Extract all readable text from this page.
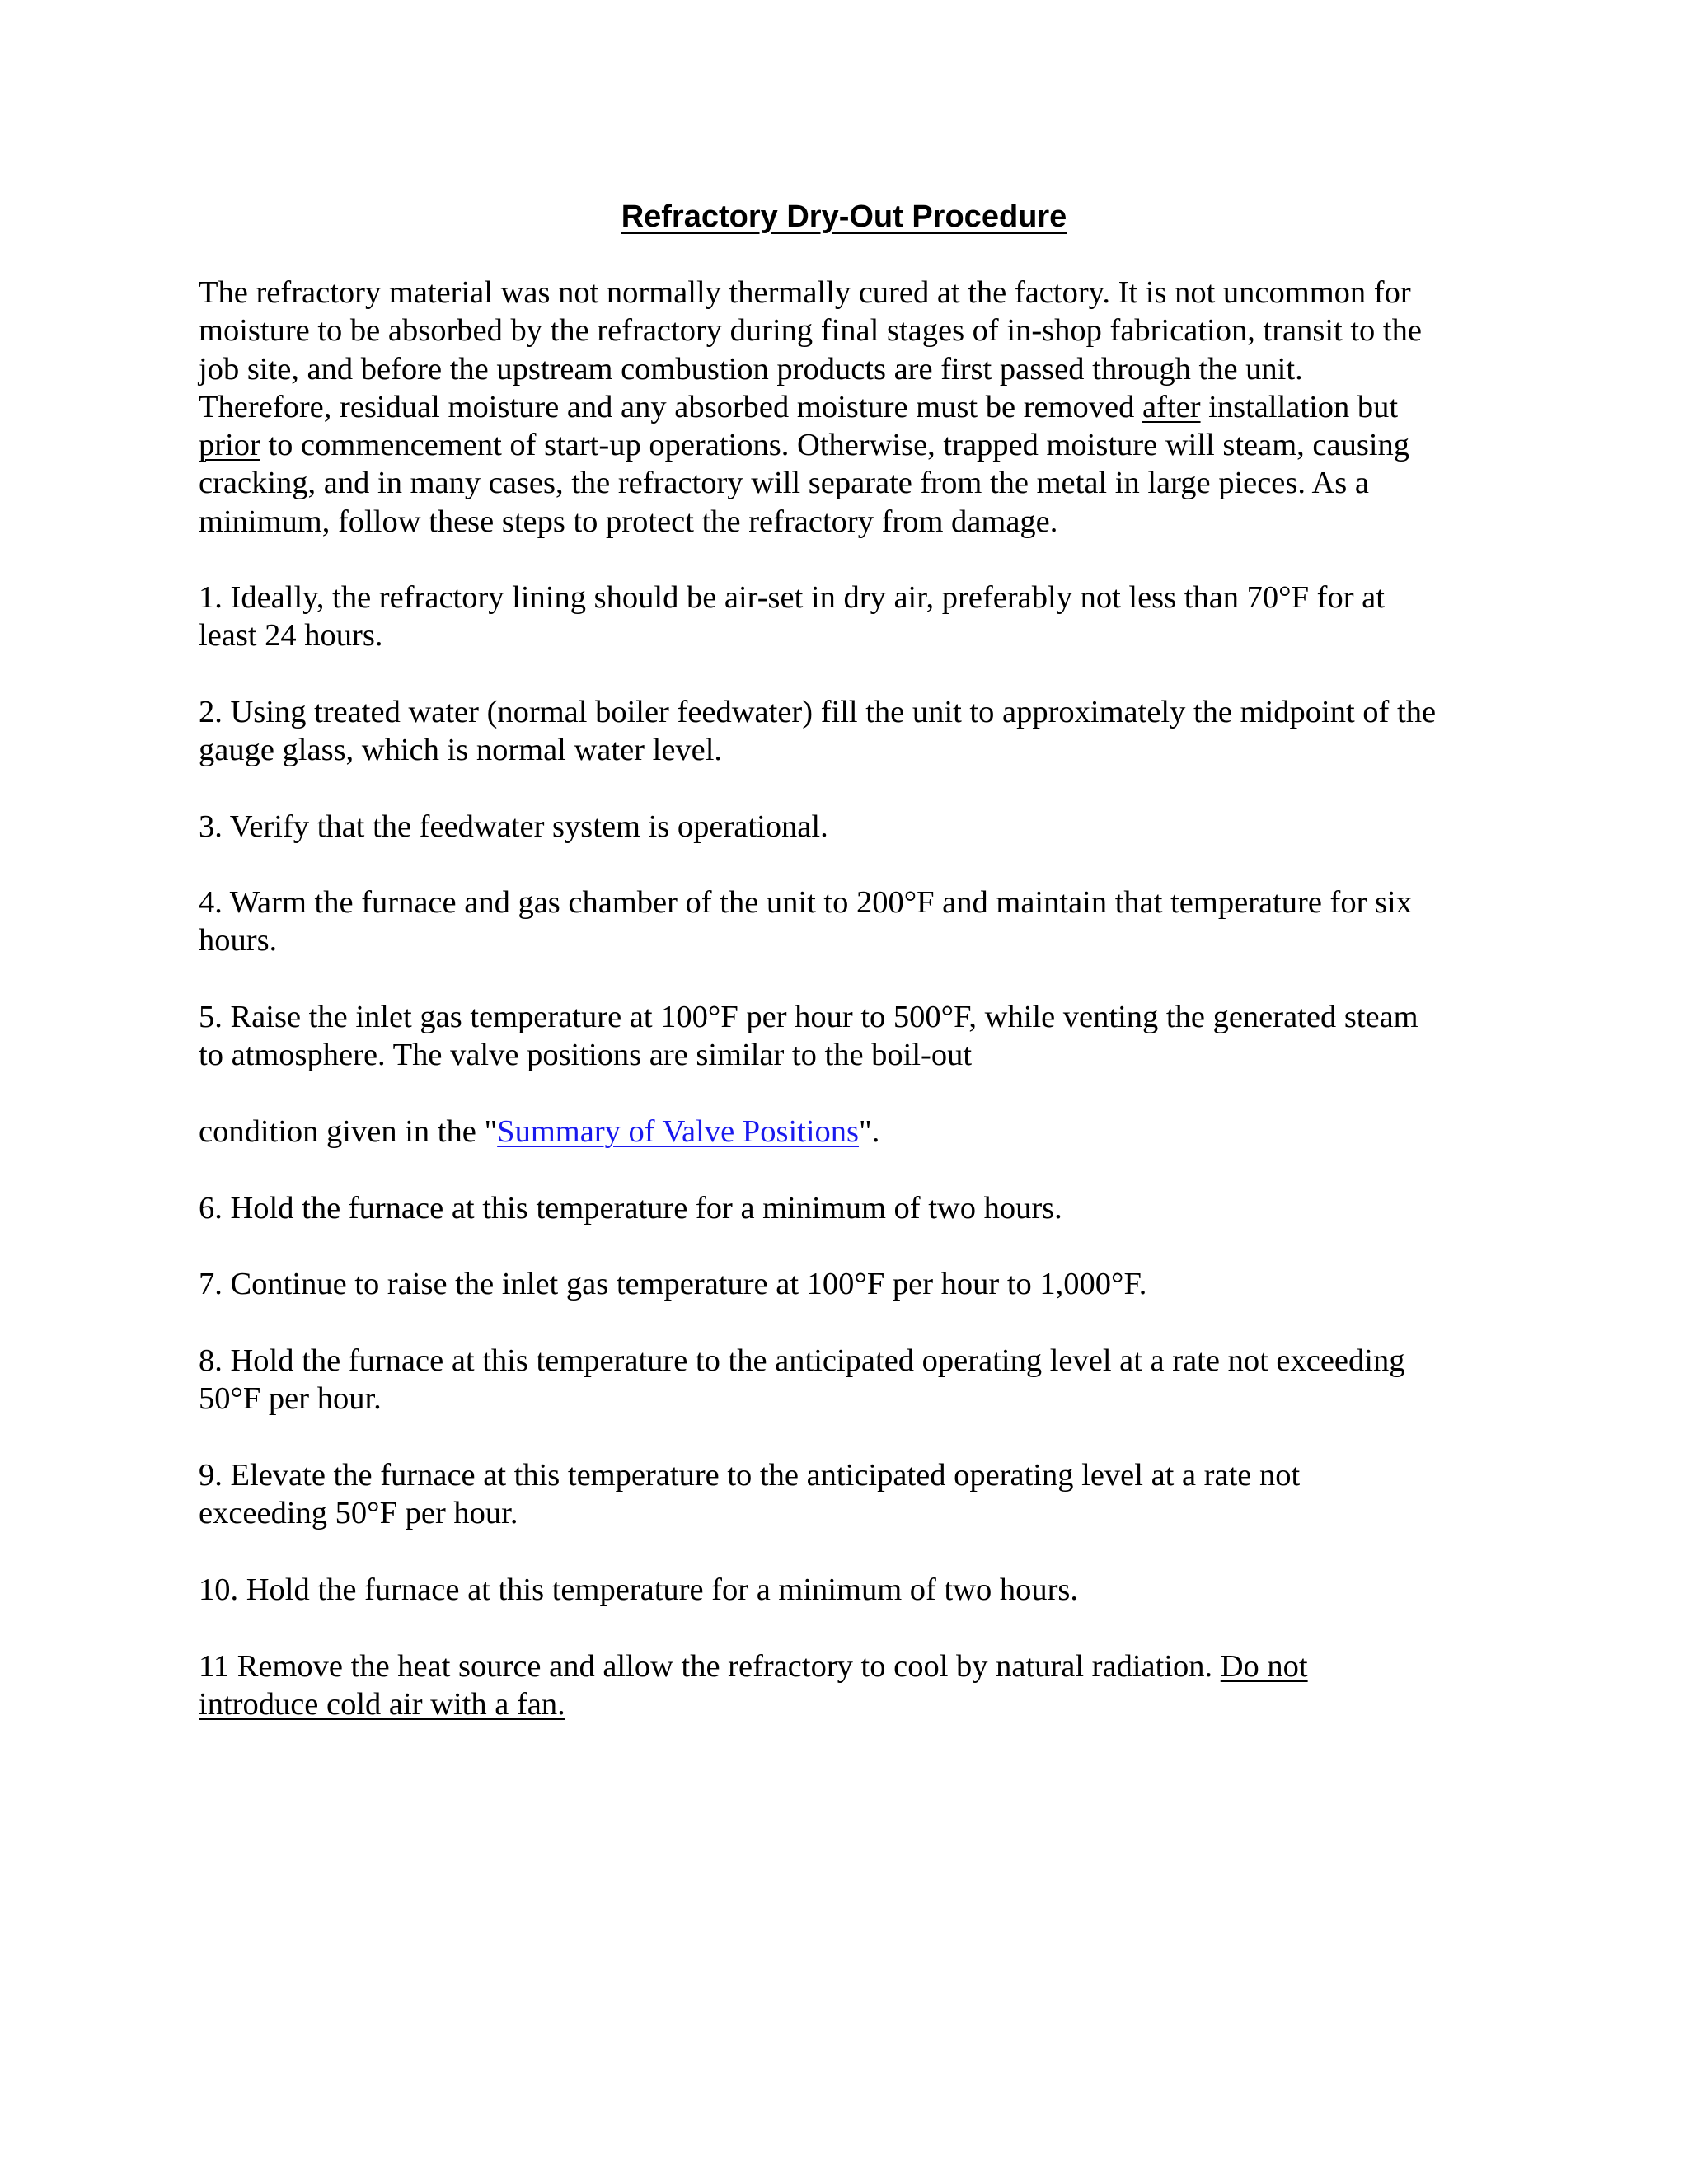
Refractory Dry-Out Procedure

The refractory material was not normally thermally cured at the factory. It is not uncommon for
moisture to be absorbed by the refractory during final stages of in-shop fabrication, transit to the
job site, and before the upstream combustion products are first passed through the unit.
Therefore, residual moisture and any absorbed moisture must be removed after installation but
prior to commencement of start-up operations. Otherwise, trapped moisture will steam, causing
cracking, and in many cases, the refractory will separate from the metal in large pieces. As a
minimum, follow these steps to protect the refractory from damage.

1. Ideally, the refractory lining should be air-set in dry air, preferably not less than 70°F for at
least 24 hours.

2. Using treated water (normal boiler feedwater) fill the unit to approximately the midpoint of the
gauge glass, which is normal water level.

3. Verify that the feedwater system is operational.

4. Warm the furnace and gas chamber of the unit to 200°F and maintain that temperature for six
hours.

5. Raise the inlet gas temperature at 100°F per hour to 500°F, while venting the generated steam
to atmosphere. The valve positions are similar to the boil-out

condition given in the "Summary of Valve Positions".

6. Hold the furnace at this temperature for a minimum of two hours.

7. Continue to raise the inlet gas temperature at 100°F per hour to 1,000°F.

8. Hold the furnace at this temperature to the anticipated operating level at a rate not exceeding
50°F per hour.

9. Elevate the furnace at this temperature to the anticipated operating level at a rate not
exceeding 50°F per hour.

10. Hold the furnace at this temperature for a minimum of two hours.

11 Remove the heat source and allow the refractory to cool by natural radiation. Do not
introduce cold air with a fan.
